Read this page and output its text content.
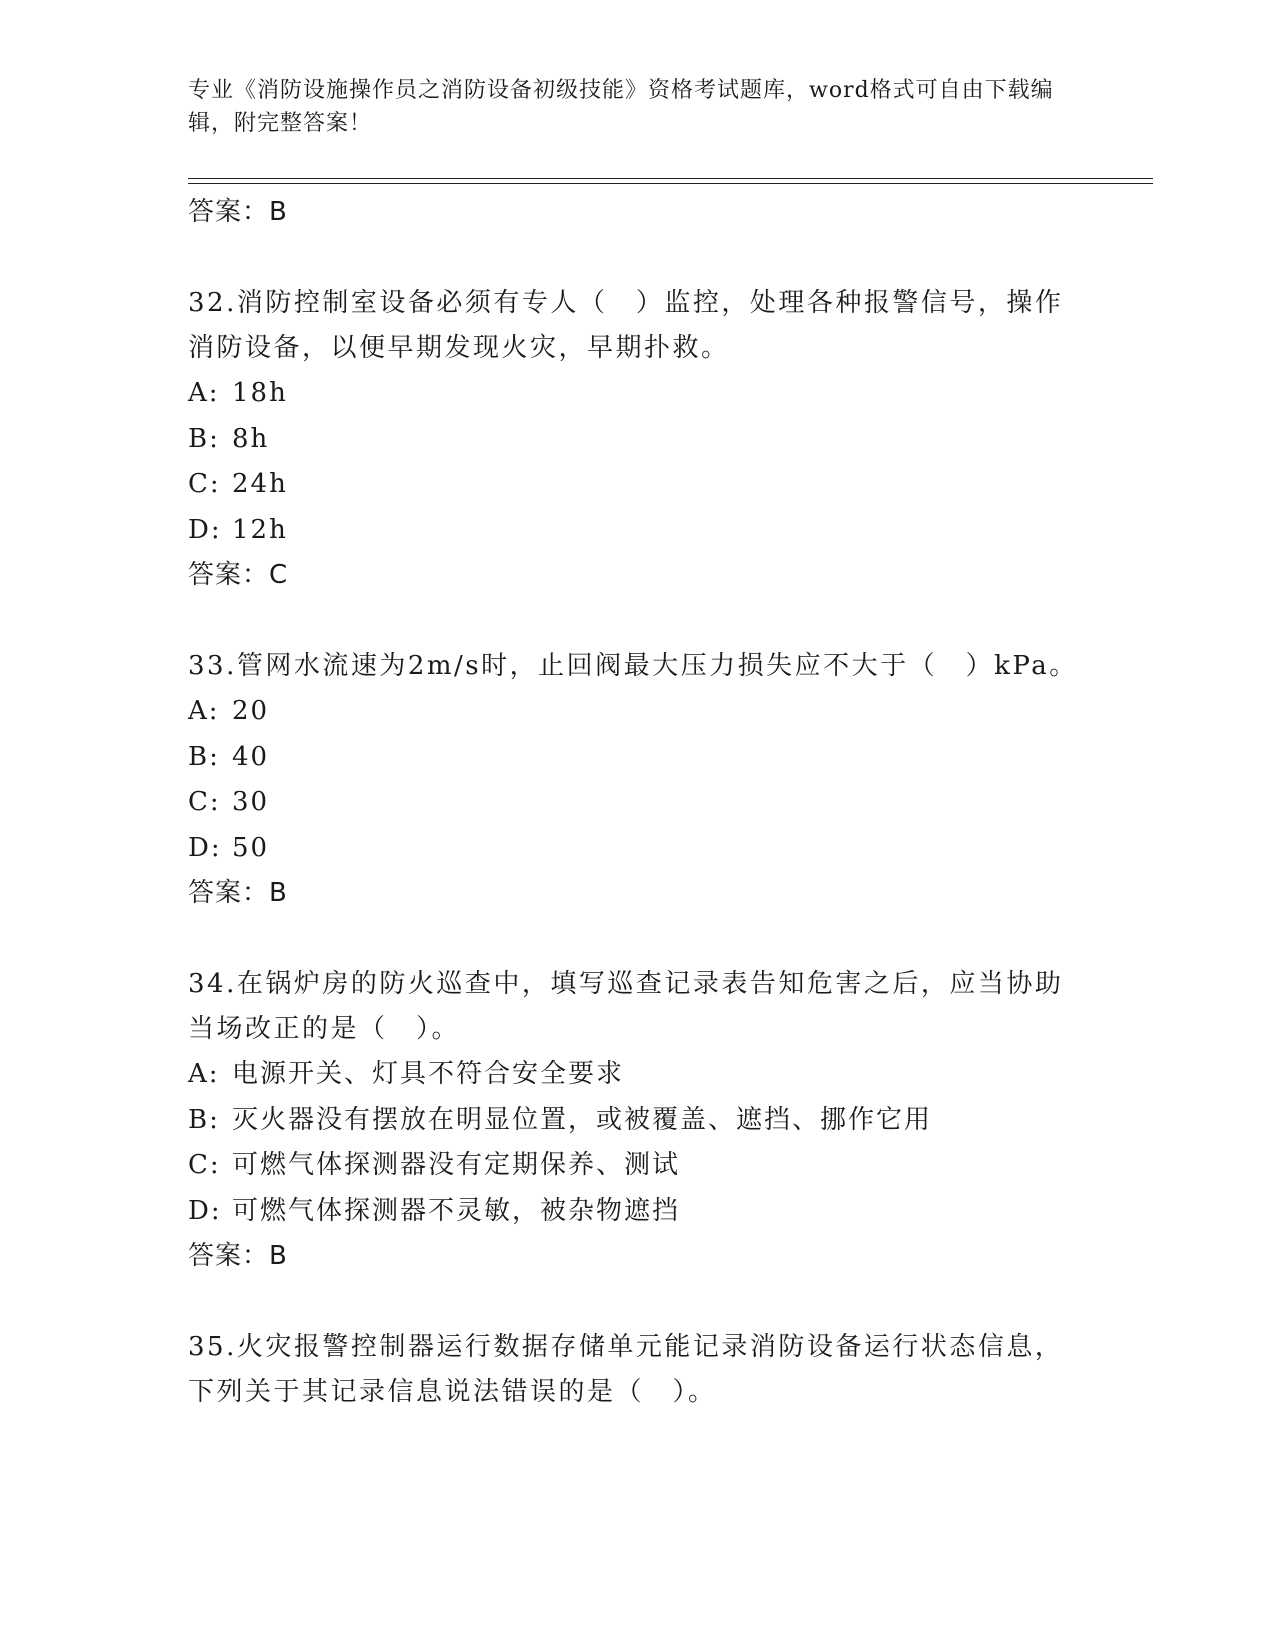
专业《消防设施操作员之消防设备初级技能》资格考试题库，word格式可自由下载编辑，附完整答案！
答案：B
32.消防控制室设备必须有专人（　）监控，处理各种报警信号，操作消防设备，以便早期发现火灾，早期扑救。
A: 18h
B: 8h
C: 24h
D: 12h
答案：C
33.管网水流速为2m/s时，止回阀最大压力损失应不大于（　）kPa。
A: 20
B: 40
C: 30
D: 50
答案：B
34.在锅炉房的防火巡查中，填写巡查记录表告知危害之后，应当协助当场改正的是（　）。
A: 电源开关、灯具不符合安全要求
B: 灭火器没有摆放在明显位置，或被覆盖、遮挡、挪作它用
C: 可燃气体探测器没有定期保养、测试
D: 可燃气体探测器不灵敏，被杂物遮挡
答案：B
35.火灾报警控制器运行数据存储单元能记录消防设备运行状态信息，下列关于其记录信息说法错误的是（　）。
